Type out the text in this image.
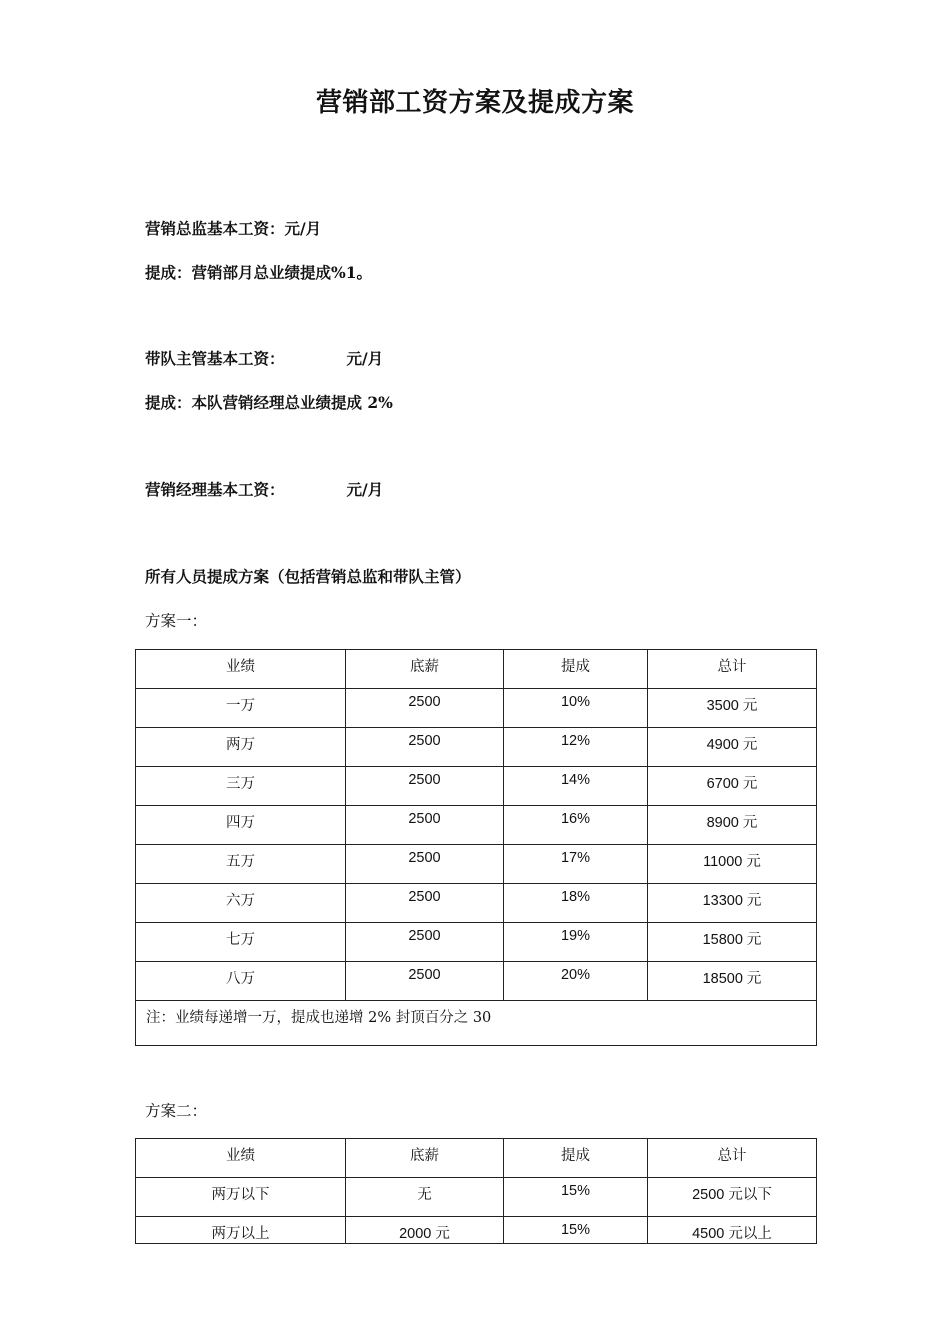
营销部工资方案及提成方案
营销总监基本工资：元/月
提成：营销部月总业绩提成%1。
带队主管基本工资：	元/月
提成：本队营销经理总业绩提成 2%
营销经理基本工资：	元/月
所有人员提成方案（包括营销总监和带队主管）
方案一：
业绩	底薪	提成	总计
一万	2500	10%	3500 元
两万	2500	12%	4900 元
三万	2500	14%	6700 元
四万	2500	16%	8900 元
五万	2500	17%	11000 元
六万	2500	18%	13300 元
七万	2500	19%	15800 元
八万	2500	20%	18500 元
注：业绩每递增一万，提成也递增 2% 封顶百分之 30			
方案二：
业绩	底薪	提成	总计
两万以下	无	15%	2500 元以下
两万以上	2000 元	15%	4500 元以上
